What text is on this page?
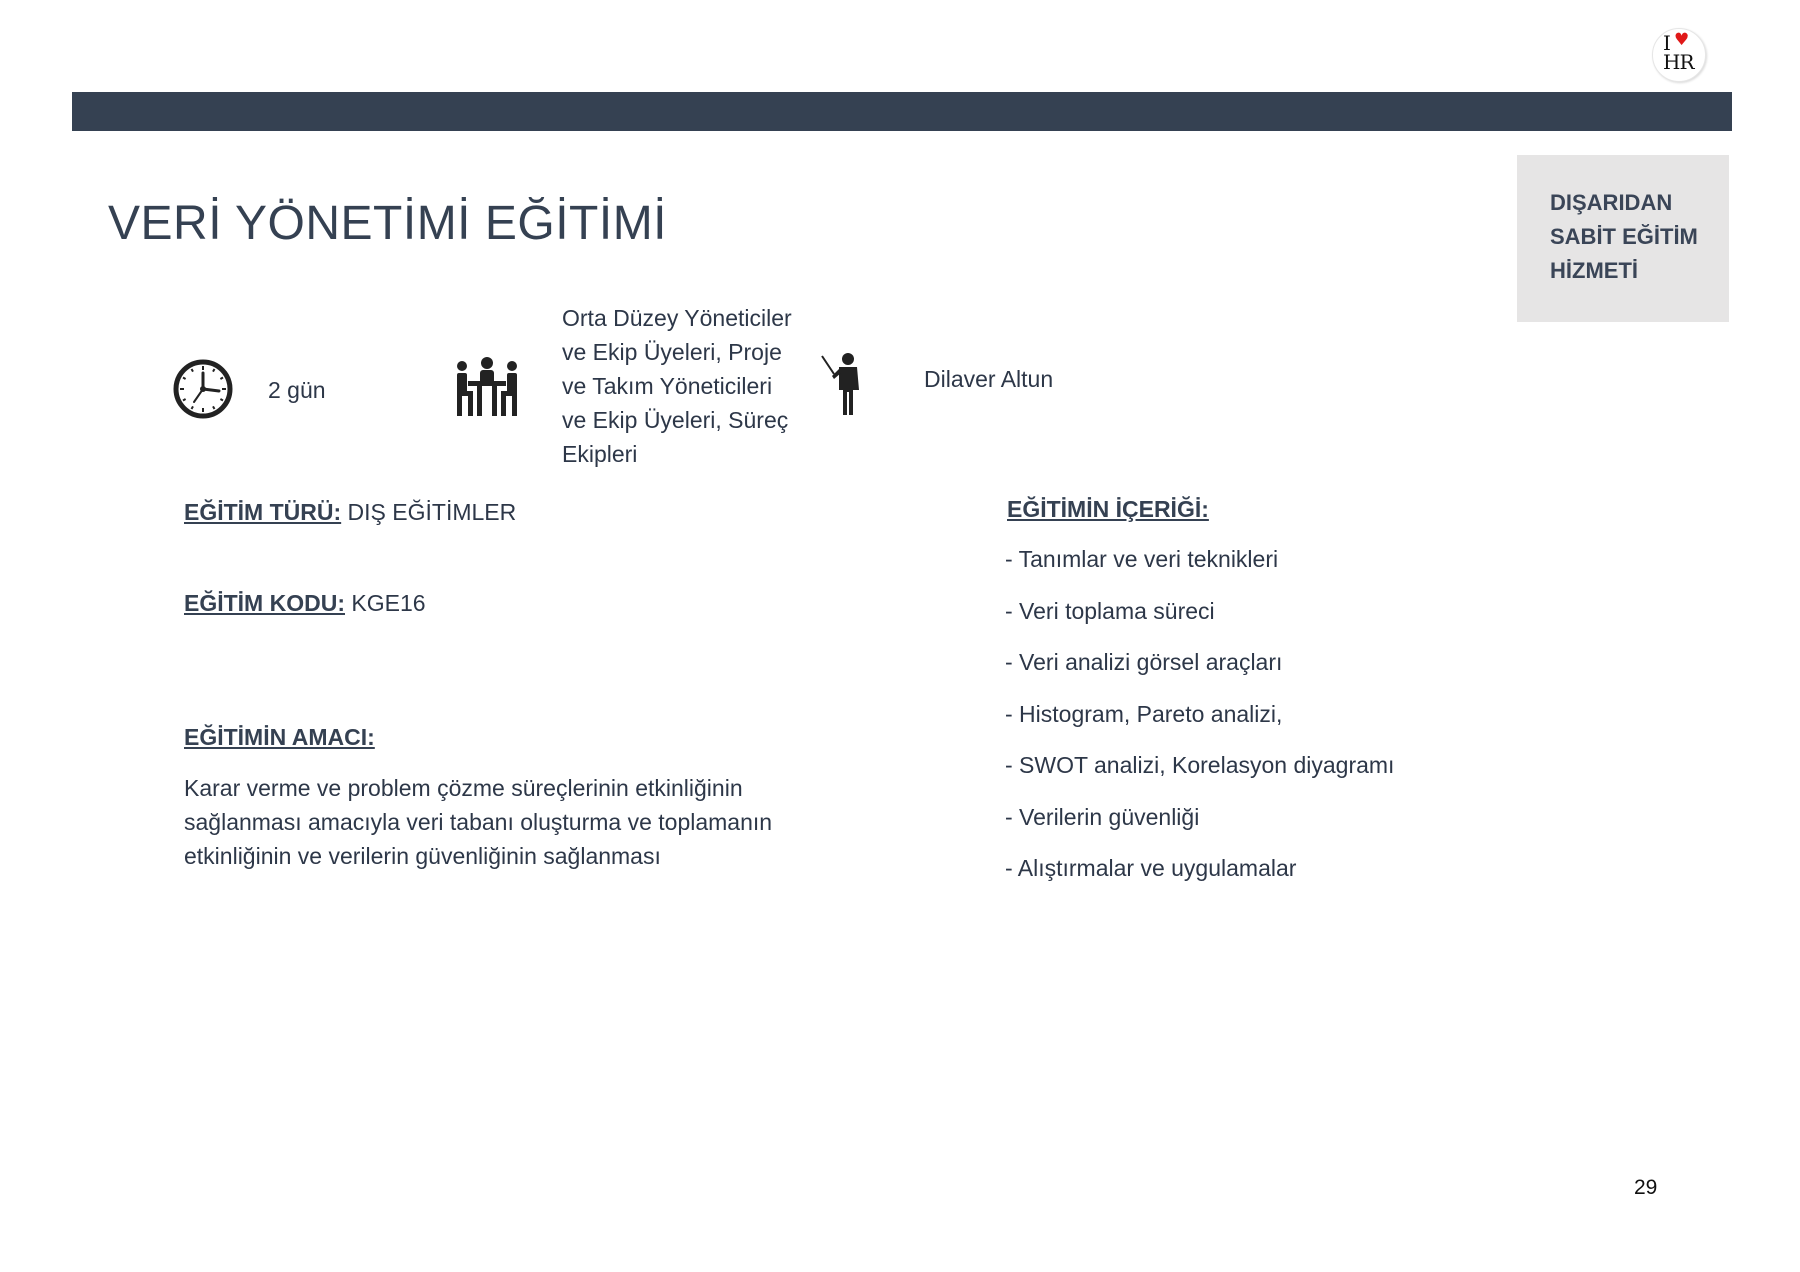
I ♥
HR
DIŞARIDAN
SABİT EĞİTİM
HİZMETİ
VERİ YÖNETİMİ EĞİTİMİ
2 gün
Orta Düzey Yöneticiler ve Ekip Üyeleri, Proje ve Takım Yöneticileri ve Ekip Üyeleri, Süreç Ekipleri
Dilaver Altun
EĞİTİM TÜRÜ: DIŞ EĞİTİMLER
EĞİTİM KODU: KGE16
EĞİTİMİN AMACI:
Karar verme ve problem çözme süreçlerinin etkinliğinin sağlanması amacıyla veri tabanı oluşturma ve toplamanın etkinliğinin ve verilerin güvenliğinin sağlanması
EĞİTİMİN İÇERİĞİ:
- Tanımlar ve veri teknikleri
- Veri toplama süreci
- Veri analizi görsel araçları
- Histogram, Pareto analizi,
- SWOT analizi, Korelasyon diyagramı
- Verilerin güvenliği
- Alıştırmalar ve uygulamalar
29
